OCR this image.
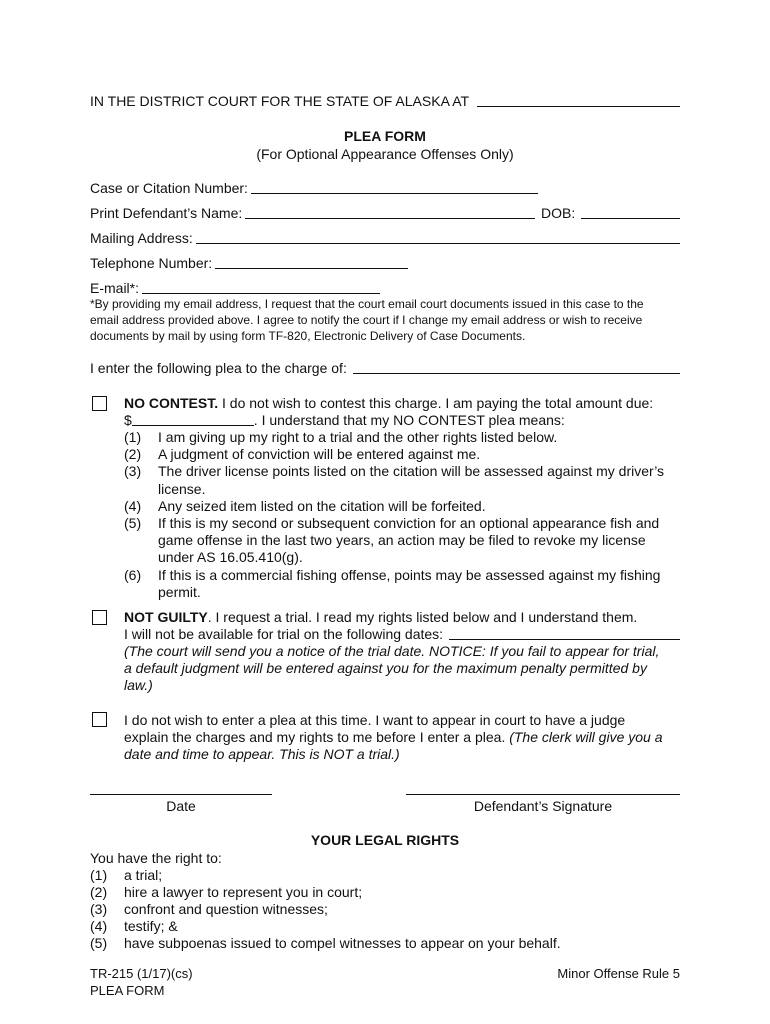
IN THE DISTRICT COURT FOR THE STATE OF ALASKA AT
PLEA FORM
(For Optional Appearance Offenses Only)
Case or Citation Number:
Print Defendant’s Name:	DOB:
Mailing Address:
Telephone Number:
E-mail*:
*By providing my email address, I request that the court email court documents issued in this case to the
email address provided above. I agree to notify the court if I change my email address or wish to receive
documents by mail by using form TF-820, Electronic Delivery of Case Documents.
I enter the following plea to the charge of:
NO CONTEST. I do not wish to contest this charge. I am paying the total amount due:
$	. I understand that my NO CONTEST plea means:
(1) I am giving up my right to a trial and the other rights listed below.
(2) A judgment of conviction will be entered against me.
(3) The driver license points listed on the citation will be assessed against my driver’s
license.
(4) Any seized item listed on the citation will be forfeited.
(5) If this is my second or subsequent conviction for an optional appearance fish and
game offense in the last two years, an action may be filed to revoke my license
under AS 16.05.410(g).
(6) If this is a commercial fishing offense, points may be assessed against my fishing
permit.
NOT GUILTY. I request a trial. I read my rights listed below and I understand them.
I will not be available for trial on the following dates:
(The court will send you a notice of the trial date. NOTICE: If you fail to appear for trial,
a default judgment will be entered against you for the maximum penalty permitted by
law.)
I do not wish to enter a plea at this time. I want to appear in court to have a judge
explain the charges and my rights to me before I enter a plea. (The clerk will give you a
date and time to appear. This is NOT a trial.)
Date	Defendant’s Signature
YOUR LEGAL RIGHTS
You have the right to:
(1) a trial;
(2) hire a lawyer to represent you in court;
(3) confront and question witnesses;
(4) testify; &
(5) have subpoenas issued to compel witnesses to appear on your behalf.
TR-215 (1/17)(cs)
PLEA FORM
Minor Offense Rule 5
